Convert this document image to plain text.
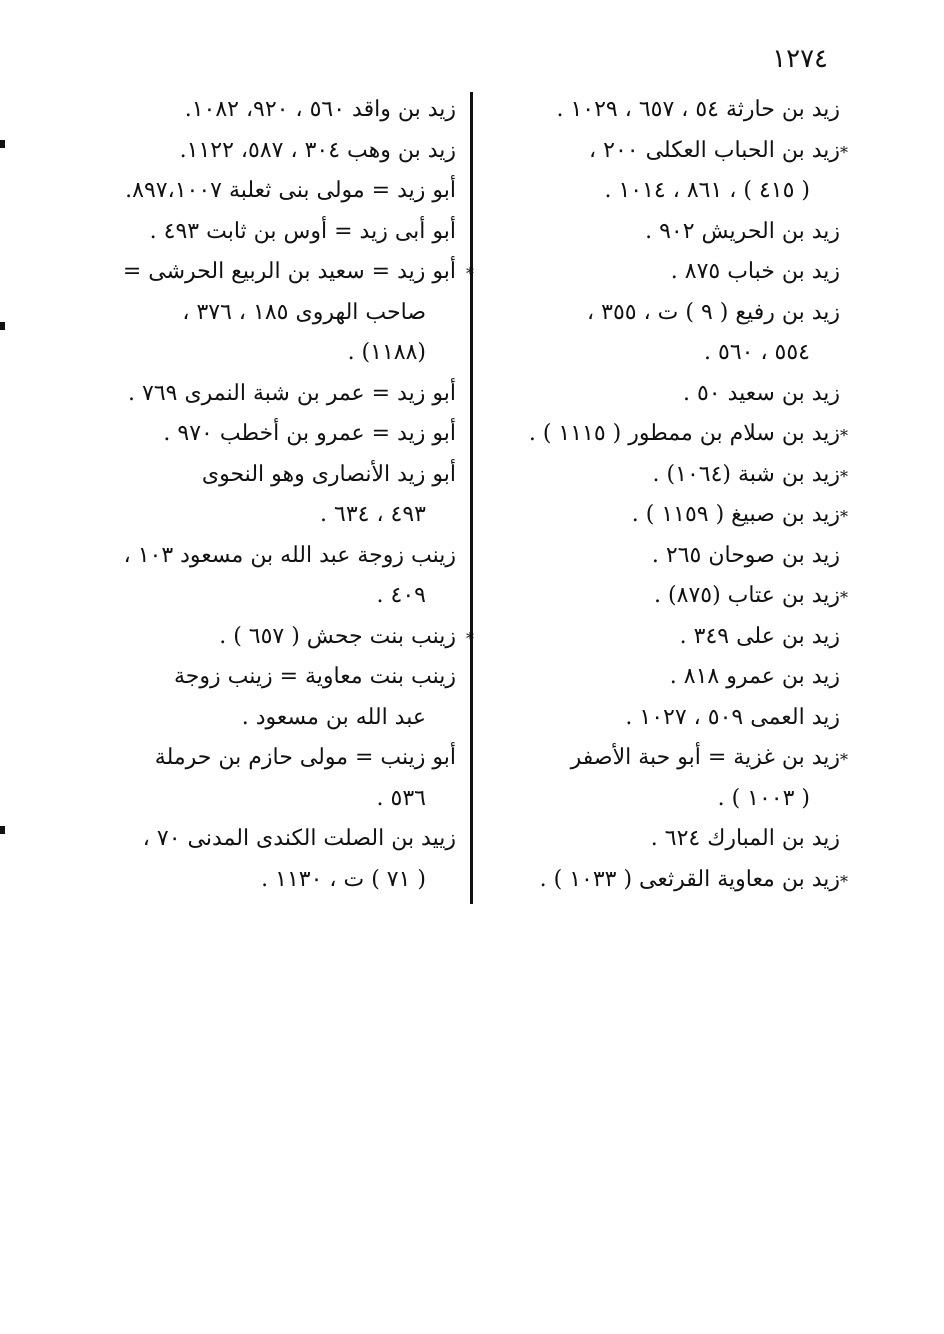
١٢٧٤
زيد بن حارثة ٥٤ ، ٦٥٧ ، ١٠٢٩ .
*
زيد بن الحباب العكلى ٢٠٠ ،
( ٤١٥ ) ، ٨٦١ ، ١٠١٤ .
زيد بن الحريش ٩٠٢ .
زيد بن خباب ٨٧٥ .
زيد بن رفيع ( ٩ ) ت ، ٣٥٥ ،
٥٥٤ ، ٥٦٠ .
زيد بن سعيد ٥٠ .
*
زيد بن سلام بن ممطور ( ١١١٥ ) .
*
زيد بن شبة (١٠٦٤) .
*
زيد بن صبيغ ( ١١٥٩ ) .
زيد بن صوحان ٢٦٥ .
*
زيد بن عتاب (٨٧٥) .
زيد بن على ٣٤٩ .
زيد بن عمرو ٨١٨ .
زيد العمى ٥٠٩ ، ١٠٢٧ .
*
زيد بن غزية = أبو حبة الأصفر
( ١٠٠٣ ) .
زيد بن المبارك ٦٢٤ .
*
زيد بن معاوية القرثعى ( ١٠٣٣ ) .
زيد بن واقد ٥٦٠ ، ٩٢٠، ١٠٨٢.
زيد بن وهب ٣٠٤ ، ٥٨٧، ١١٢٢.
أبو زيد = مولى بنى ثعلبة ٨٩٧،١٠٠٧.
أبو أبى زيد = أوس بن ثابت ٤٩٣ .
*
أبو زيد = سعيد بن الربيع الحرشى =
صاحب الهروى ١٨٥ ، ٣٧٦ ،
(١١٨٨) .
أبو زيد = عمر بن شبة النمرى ٧٦٩ .
أبو زيد = عمرو بن أخطب ٩٧٠ .
أبو زيد الأنصارى وهو النحوى
٤٩٣ ، ٦٣٤ .
زينب زوجة عبد الله بن مسعود ١٠٣ ،
٤٠٩ .
*
زينب بنت جحش ( ٦٥٧ ) .
زينب بنت معاوية = زينب زوجة
عبد الله بن مسعود .
أبو زينب = مولى حازم بن حرملة
٥٣٦ .
زييد بن الصلت الكندى المدنى ٧٠ ،
( ٧١ ) ت ، ١١٣٠ .
